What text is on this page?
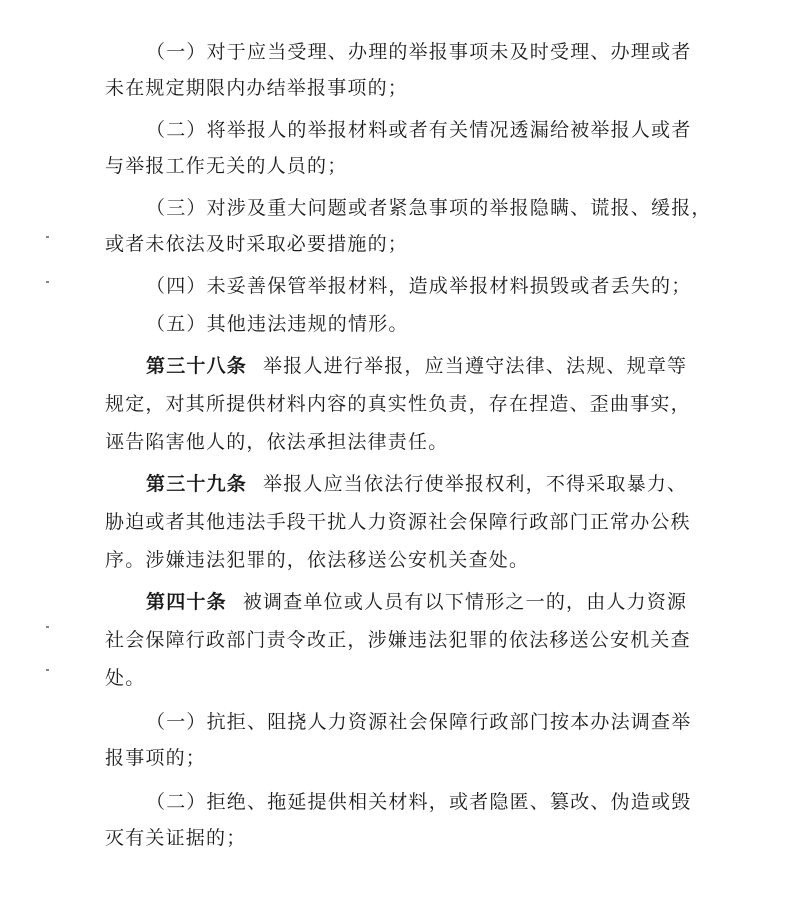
（一）对于应当受理、办理的举报事项未及时受理、办理或者
未在规定期限内办结举报事项的；
（二）将举报人的举报材料或者有关情况透漏给被举报人或者
与举报工作无关的人员的；
（三）对涉及重大问题或者紧急事项的举报隐瞒、谎报、缓报，
或者未依法及时采取必要措施的；
（四）未妥善保管举报材料，造成举报材料损毁或者丢失的；
（五）其他违法违规的情形。
第三十八条 举报人进行举报，应当遵守法律、法规、规章等
规定，对其所提供材料内容的真实性负责，存在捏造、歪曲事实，
诬告陷害他人的，依法承担法律责任。
第三十九条 举报人应当依法行使举报权利，不得采取暴力、
胁迫或者其他违法手段干扰人力资源社会保障行政部门正常办公秩
序。涉嫌违法犯罪的，依法移送公安机关查处。
第四十条 被调查单位或人员有以下情形之一的，由人力资源
社会保障行政部门责令改正，涉嫌违法犯罪的依法移送公安机关查
处。
（一）抗拒、阻挠人力资源社会保障行政部门按本办法调查举
报事项的；
（二）拒绝、拖延提供相关材料，或者隐匿、篡改、伪造或毁
灭有关证据的；
